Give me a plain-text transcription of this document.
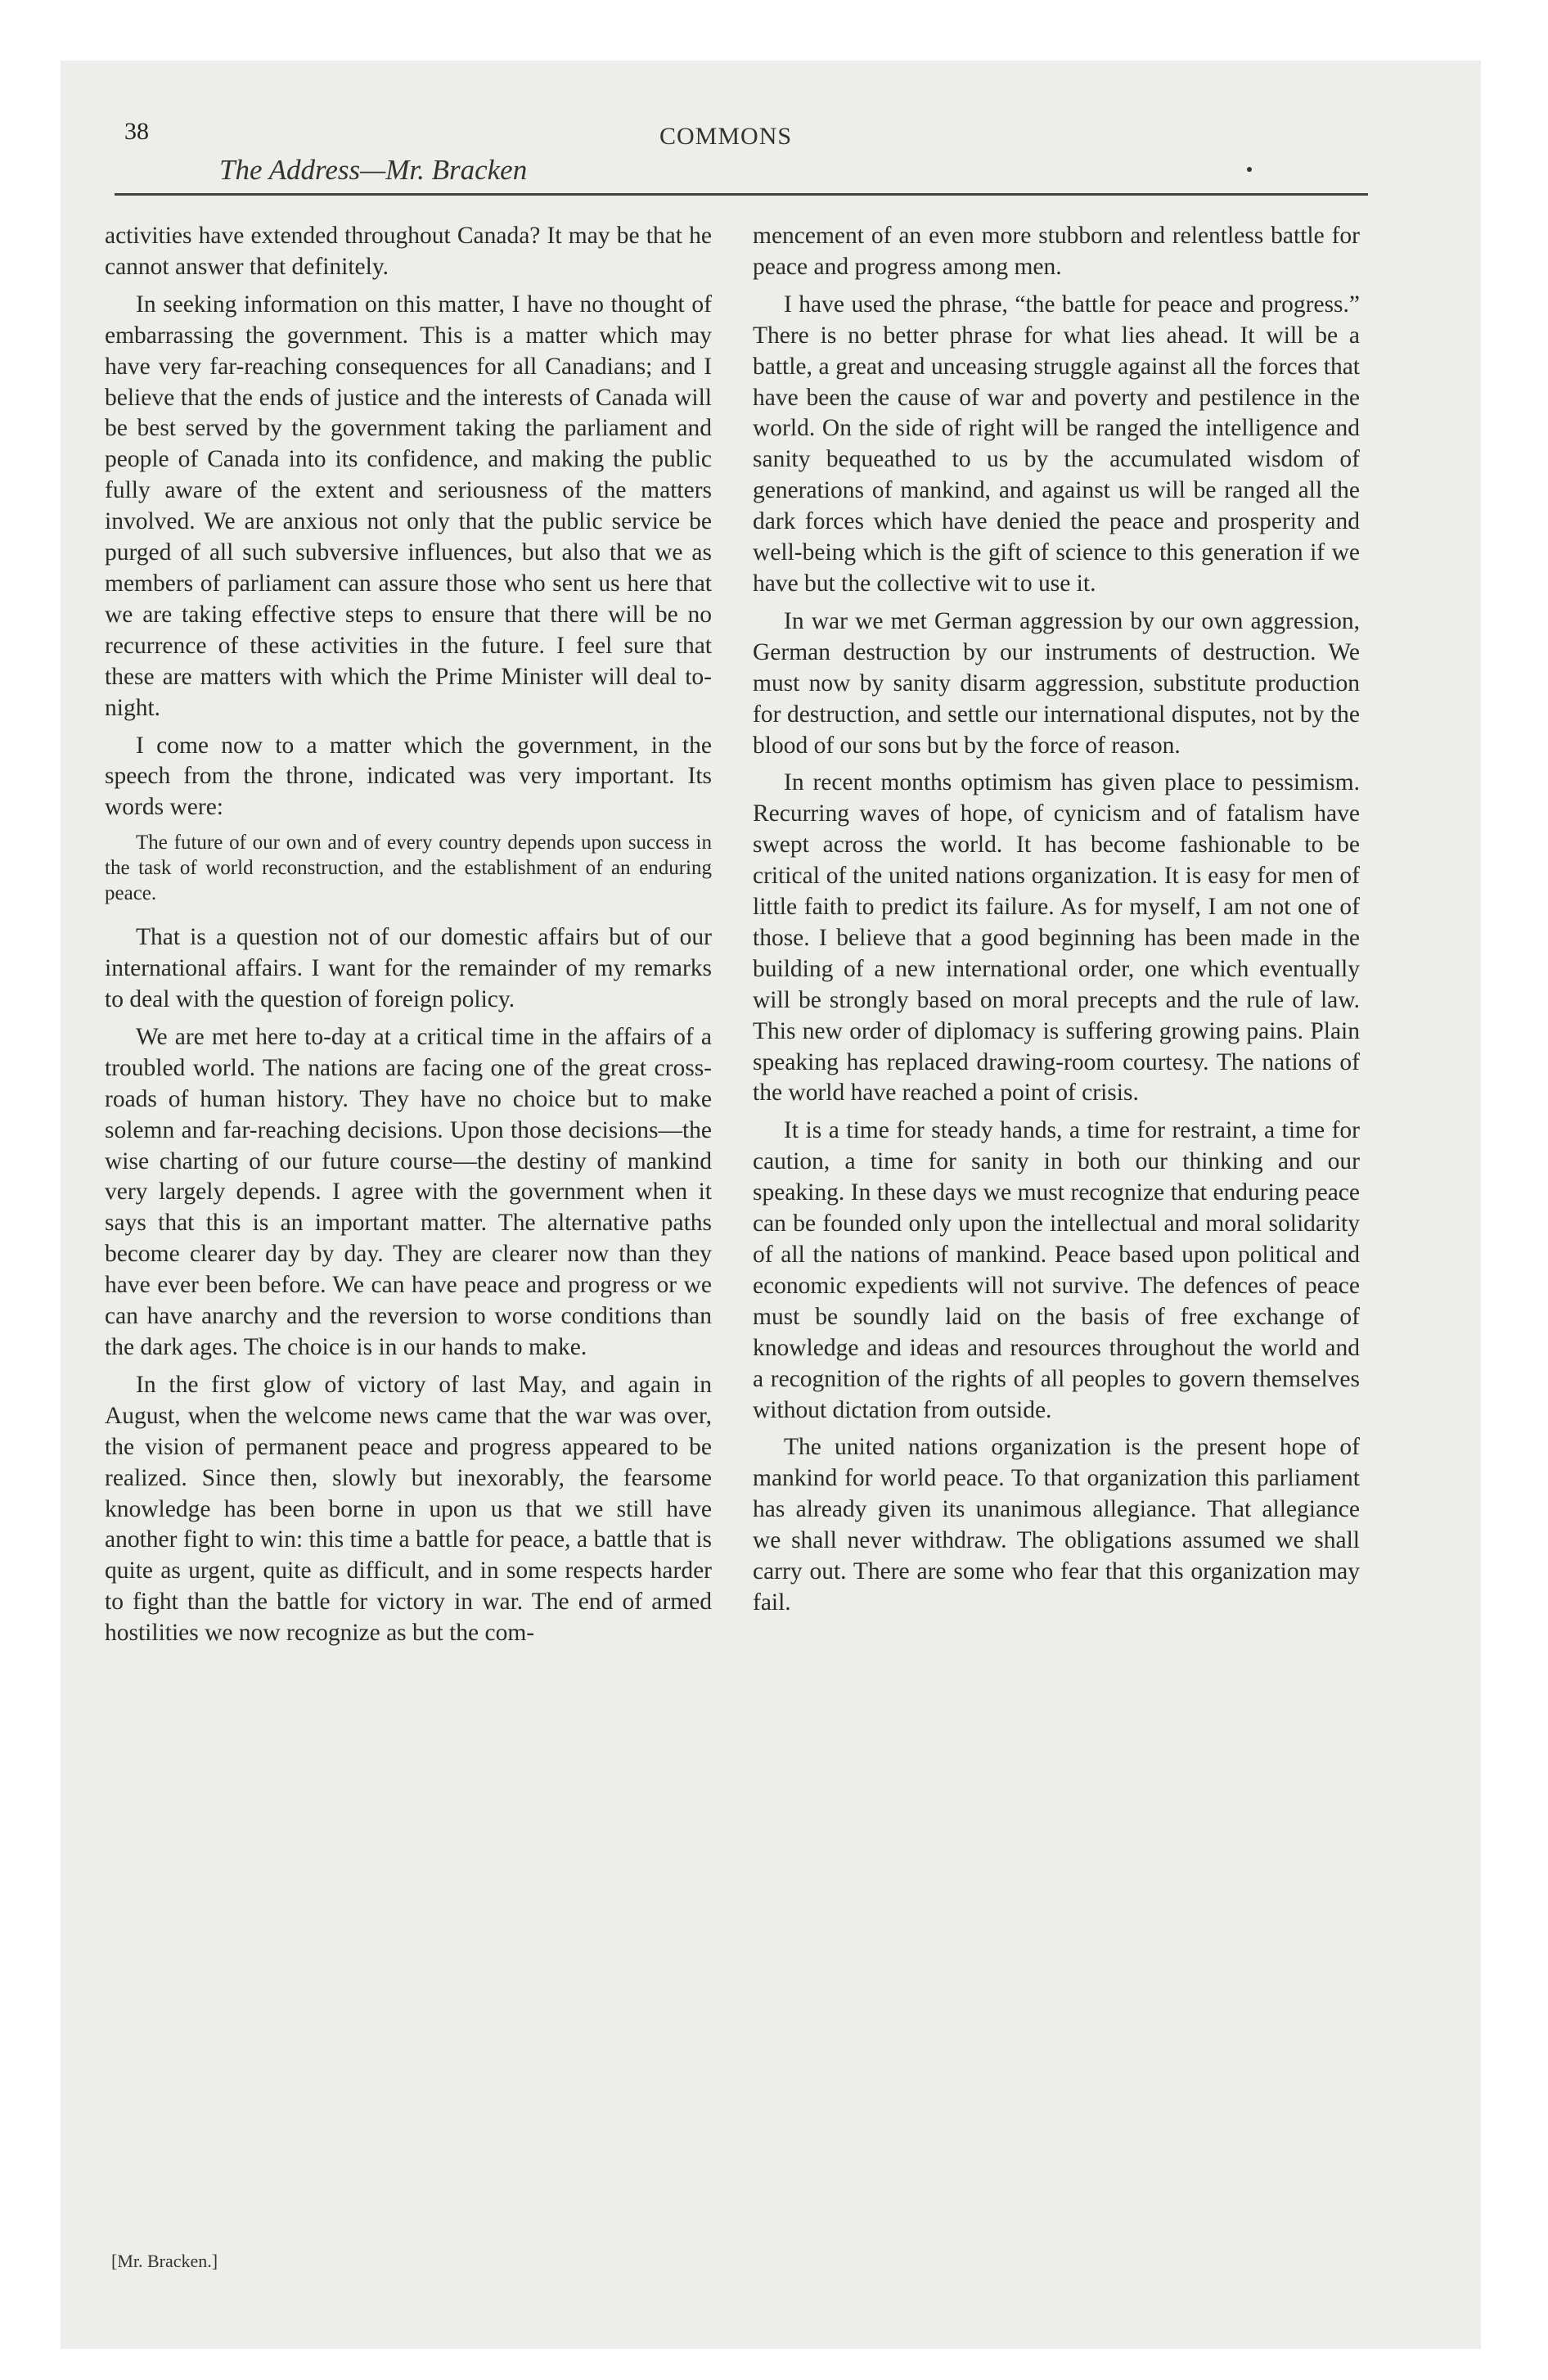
38	COMMONS
The Address—Mr. Bracken

activities have extended throughout Canada? It may be that he cannot answer that definitely.

In seeking information on this matter, I have no thought of embarrassing the government. This is a matter which may have very far-reaching consequences for all Canadians; and I believe that the ends of justice and the interests of Canada will be best served by the government taking the parliament and people of Canada into its confidence, and making the public fully aware of the extent and seriousness of the matters involved. We are anxious not only that the public service be purged of all such subversive influences, but also that we as members of parliament can assure those who sent us here that we are taking effective steps to ensure that there will be no recurrence of these activities in the future. I feel sure that these are matters with which the Prime Minister will deal to-night.

I come now to a matter which the government, in the speech from the throne, indicated was very important. Its words were:

The future of our own and of every country depends upon success in the task of world reconstruction, and the establishment of an enduring peace.

That is a question not of our domestic affairs but of our international affairs. I want for the remainder of my remarks to deal with the question of foreign policy.

We are met here to-day at a critical time in the affairs of a troubled world. The nations are facing one of the great cross-roads of human history. They have no choice but to make solemn and far-reaching decisions. Upon those decisions—the wise charting of our future course—the destiny of mankind very largely depends. I agree with the government when it says that this is an important matter. The alternative paths become clearer day by day. They are clearer now than they have ever been before. We can have peace and progress or we can have anarchy and the reversion to worse conditions than the dark ages. The choice is in our hands to make.

In the first glow of victory of last May, and again in August, when the welcome news came that the war was over, the vision of permanent peace and progress appeared to be realized. Since then, slowly but inexorably, the fearsome knowledge has been borne in upon us that we still have another fight to win: this time a battle for peace, a battle that is quite as urgent, quite as difficult, and in some respects harder to fight than the battle for victory in war. The end of armed hostilities we now recognize as but the com-

[Mr. Bracken.]

mencement of an even more stubborn and relentless battle for peace and progress among men.

I have used the phrase, “the battle for peace and progress.” There is no better phrase for what lies ahead. It will be a battle, a great and unceasing struggle against all the forces that have been the cause of war and poverty and pestilence in the world. On the side of right will be ranged the intelligence and sanity bequeathed to us by the accumulated wisdom of generations of mankind, and against us will be ranged all the dark forces which have denied the peace and prosperity and well-being which is the gift of science to this generation if we have but the collective wit to use it.

In war we met German aggression by our own aggression, German destruction by our instruments of destruction. We must now by sanity disarm aggression, substitute production for destruction, and settle our international disputes, not by the blood of our sons but by the force of reason.

In recent months optimism has given place to pessimism. Recurring waves of hope, of cynicism and of fatalism have swept across the world. It has become fashionable to be critical of the united nations organization. It is easy for men of little faith to predict its failure. As for myself, I am not one of those. I believe that a good beginning has been made in the building of a new international order, one which eventually will be strongly based on moral precepts and the rule of law. This new order of diplomacy is suffering growing pains. Plain speaking has replaced drawing-room courtesy. The nations of the world have reached a point of crisis.

It is a time for steady hands, a time for restraint, a time for caution, a time for sanity in both our thinking and our speaking. In these days we must recognize that enduring peace can be founded only upon the intellectual and moral solidarity of all the nations of mankind. Peace based upon political and economic expedients will not survive. The defences of peace must be soundly laid on the basis of free exchange of knowledge and ideas and resources throughout the world and a recognition of the rights of all peoples to govern themselves without dictation from outside.

The united nations organization is the present hope of mankind for world peace. To that organization this parliament has already given its unanimous allegiance. That allegiance we shall never withdraw. The obligations assumed we shall carry out. There are some who fear that this organization may fail.
